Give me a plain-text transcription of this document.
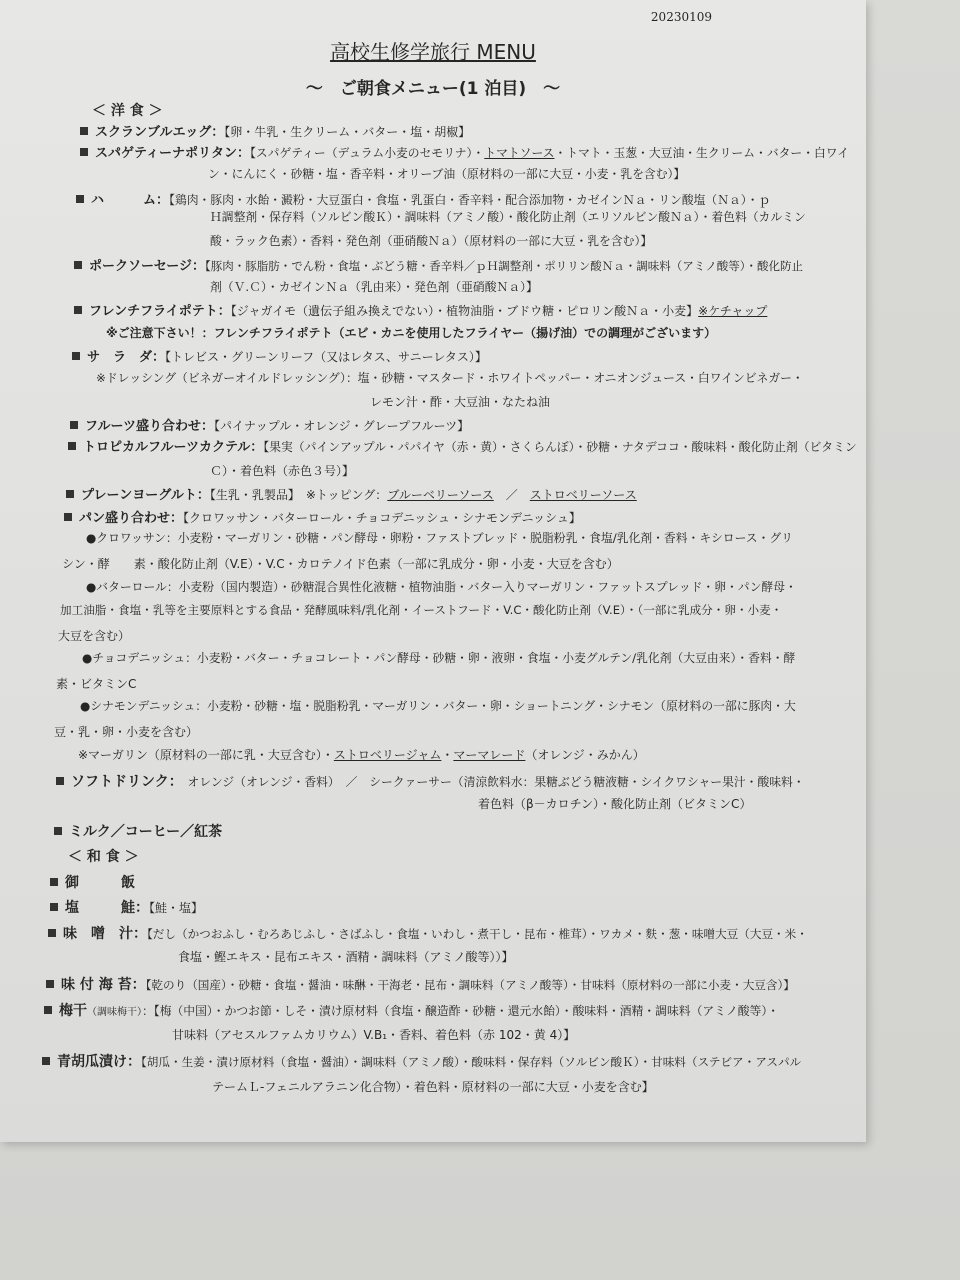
20230109
高校生修学旅行 MENU
～　ご朝食メニュー(1 泊目)　～
＜ 洋 食 ＞
スクランブルエッグ：【卵・牛乳・生クリーム・バター・塩・胡椒】
スパゲティーナポリタン：【スパゲティー（デュラム小麦のセモリナ）・トマトソース・トマト・玉葱・大豆油・生クリーム・バター・白ワイ
ン・にんにく・砂糖・塩・香辛料・オリーブ油（原材料の一部に大豆・小麦・乳を含む）】
ハ　　　ム：【鶏肉・豚肉・水飴・澱粉・大豆蛋白・食塩・乳蛋白・香辛料・配合添加物・カゼインＮａ・リン酸塩（Ｎａ）・ｐ
Ｈ調整剤・保存料（ソルビン酸Ｋ）・調味料（アミノ酸）・酸化防止剤（エリソルビン酸Ｎａ）・着色料（カルミン
酸・ラック色素）・香料・発色剤（亜硝酸Ｎａ）（原材料の一部に大豆・乳を含む）】
ポークソーセージ：【豚肉・豚脂肪・でん粉・食塩・ぶどう糖・香辛料／ｐＨ調整剤・ポリリン酸Ｎａ・調味料（アミノ酸等）・酸化防止
剤（Ｖ.Ｃ）・カゼインＮａ（乳由来）・発色剤（亜硝酸Ｎａ）】
フレンチフライポテト：【ジャガイモ（遺伝子組み換えでない）・植物油脂・ブドウ糖・ピロリン酸Ｎａ・小麦】※ケチャップ
※ご注意下さい！：フレンチフライポテト（エビ・カニを使用したフライヤー（揚げ油）での調理がございます）
サ　ラ　ダ：【トレビス・グリーンリーフ（又はレタス、サニーレタス）】
※ドレッシング（ビネガーオイルドレッシング）：塩・砂糖・マスタード・ホワイトペッパー・オニオンジュース・白ワインビネガー・
レモン汁・酢・大豆油・なたね油
フルーツ盛り合わせ：【パイナップル・オレンジ・グレープフルーツ】
トロピカルフルーツカクテル：【果実（パインアップル・パパイヤ（赤・黄）・さくらんぼ）・砂糖・ナタデココ・酸味料・酸化防止剤（ビタミン
Ｃ）・着色料（赤色３号）】
プレーンヨーグルト：【生乳・乳製品】　※トッピング：ブルーベリーソース　／　ストロベリーソース
パン盛り合わせ：【クロワッサン・バターロール・チョコデニッシュ・シナモンデニッシュ】
●クロワッサン：小麦粉・マーガリン・砂糖・パン酵母・卵粉・ファストブレッド・脱脂粉乳・食塩/乳化剤・香料・キシロース・グリ
シン・酵　　素・酸化防止剤（V.E）・V.C・カロテノイド色素（一部に乳成分・卵・小麦・大豆を含む）
●バターロール：小麦粉（国内製造）・砂糖混合異性化液糖・植物油脂・バター入りマーガリン・ファットスプレッド・卵・パン酵母・
加工油脂・食塩・乳等を主要原料とする食品・発酵風味料/乳化剤・イーストフード・V.C・酸化防止剤（V.E）・（一部に乳成分・卵・小麦・
大豆を含む）
●チョコデニッシュ：小麦粉・バター・チョコレート・パン酵母・砂糖・卵・液卵・食塩・小麦グルテン/乳化剤（大豆由来）・香料・酵
素・ビタミンC
●シナモンデニッシュ：小麦粉・砂糖・塩・脱脂粉乳・マーガリン・バター・卵・ショートニング・シナモン（原材料の一部に豚肉・大
豆・乳・卵・小麦を含む）
※マーガリン（原材料の一部に乳・大豆含む）・ストロベリージャム・マーマレード（オレンジ・みかん）
ソフトドリンク：　 オレンジ（オレンジ・香料）　／　シークァーサー（清涼飲料水：果糖ぶどう糖液糖・シイクワシャー果汁・酸味料・
着色料（β－カロチン）・酸化防止剤（ビタミンC）
ミルク／コーヒー／紅茶
＜ 和 食 ＞
御　　　飯
塩　　　鮭：【鮭・塩】
味　噌　汁：【だし（かつおふし・むろあじふし・さばふし・食塩・いわし・煮干し・昆布・椎茸）・ワカメ・麩・葱・味噌大豆（大豆・米・
食塩・鰹エキス・昆布エキス・酒精・調味料（アミノ酸等））】
味 付 海 苔：【乾のり（国産）・砂糖・食塩・醤油・味醂・干海老・昆布・調味料（アミノ酸等）・甘味料（原材料の一部に小麦・大豆含）】
梅干（調味梅干）：【梅（中国）・かつお節・しそ・漬け原材料（食塩・醸造酢・砂糖・還元水飴）・酸味料・酒精・調味料（アミノ酸等）・
甘味料（アセスルファムカリウム）V.B₁・香料、着色料（赤 102・黄 4）】
青胡瓜漬け：【胡瓜・生姜・漬け原材料（食塩・醤油）・調味料（アミノ酸）・酸味料・保存料（ソルビン酸Ｋ）・甘味料（ステビア・アスパル
テームＬ-フェニルアラニン化合物）・着色料・原材料の一部に大豆・小麦を含む】
